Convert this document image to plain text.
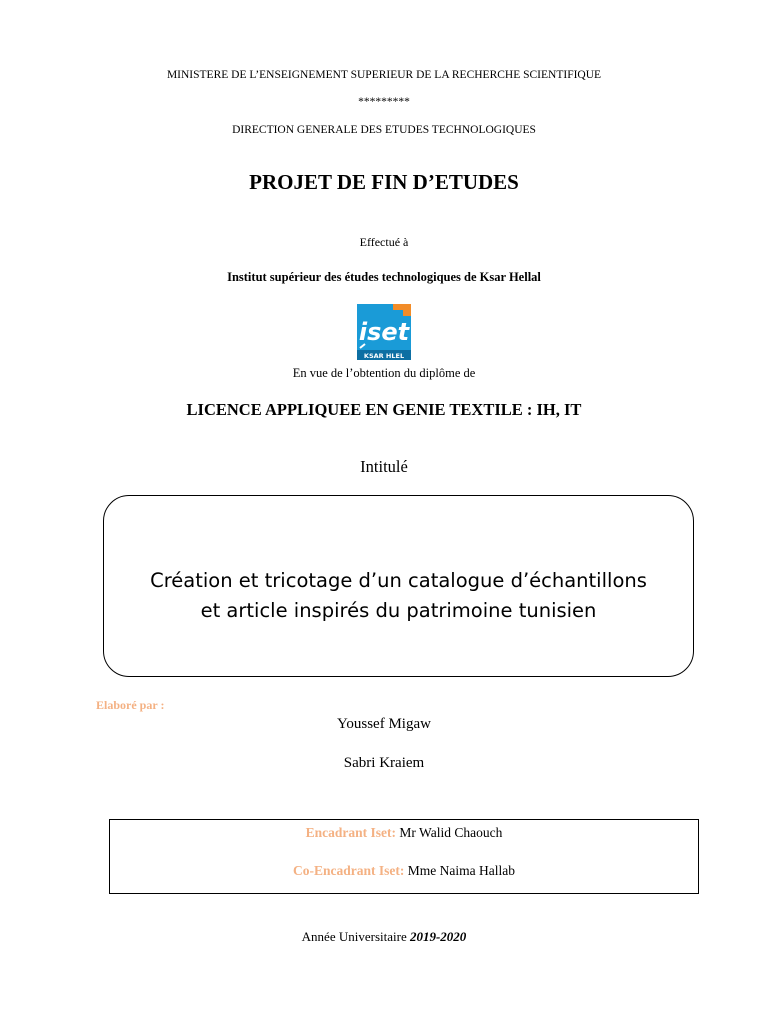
MINISTERE DE L’ENSEIGNEMENT SUPERIEUR DE LA RECHERCHE SCIENTIFIQUE
*********
DIRECTION GENERALE DES ETUDES TECHNOLOGIQUES
PROJET DE FIN D’ETUDES
Effectué à
Institut supérieur des études technologiques de Ksar Hellal
iset
KSAR HLEL
En vue de l’obtention du diplôme de
LICENCE APPLIQUEE EN GENIE TEXTILE : IH, IT
Intitulé
Création et tricotage d’un catalogue d’échantillons
et article inspirés du patrimoine tunisien
Elaboré par :
Youssef Migaw
Sabri Kraiem
Encadrant Iset: Mr Walid Chaouch
Co-Encadrant Iset: Mme Naima Hallab
Année Universitaire 2019-2020
